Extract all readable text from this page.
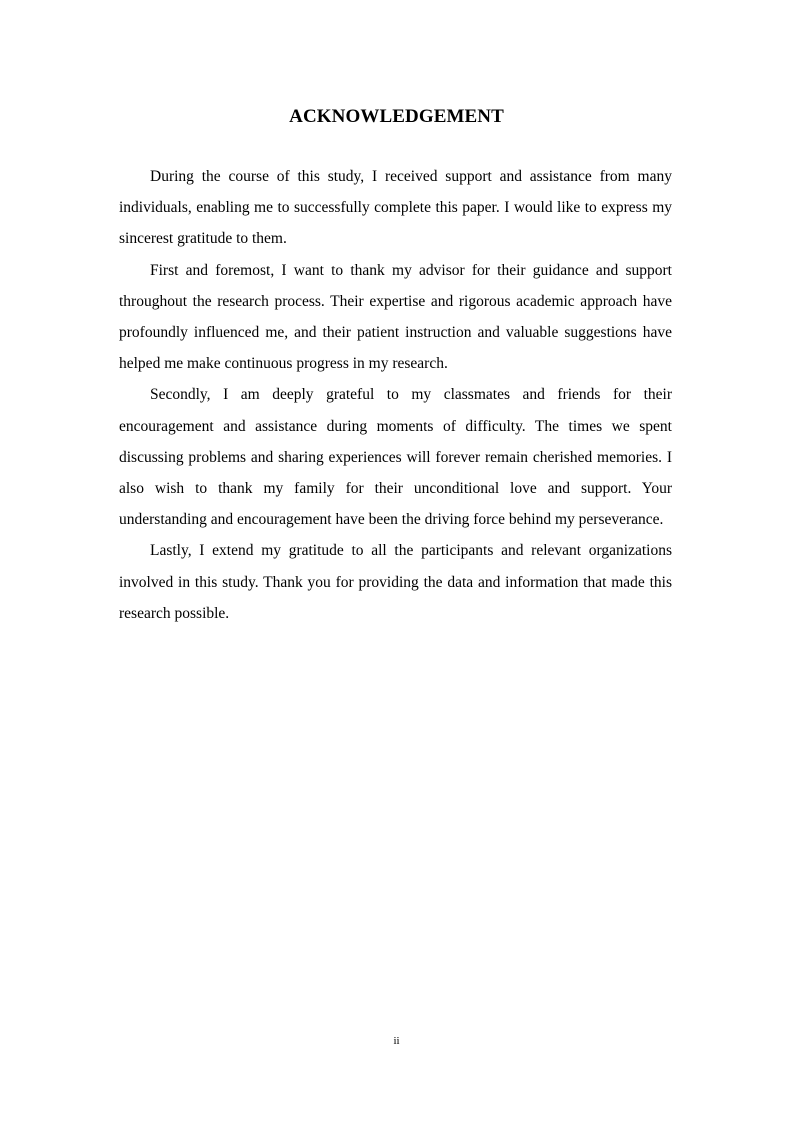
ACKNOWLEDGEMENT

During the course of this study, I received support and assistance from many individuals, enabling me to successfully complete this paper. I would like to express my sincerest gratitude to them.

First and foremost, I want to thank my advisor for their guidance and support throughout the research process. Their expertise and rigorous academic approach have profoundly influenced me, and their patient instruction and valuable suggestions have helped me make continuous progress in my research.

Secondly, I am deeply grateful to my classmates and friends for their encouragement and assistance during moments of difficulty. The times we spent discussing problems and sharing experiences will forever remain cherished memories. I also wish to thank my family for their unconditional love and support. Your understanding and encouragement have been the driving force behind my perseverance.

Lastly, I extend my gratitude to all the participants and relevant organizations involved in this study. Thank you for providing the data and information that made this research possible.

ii
